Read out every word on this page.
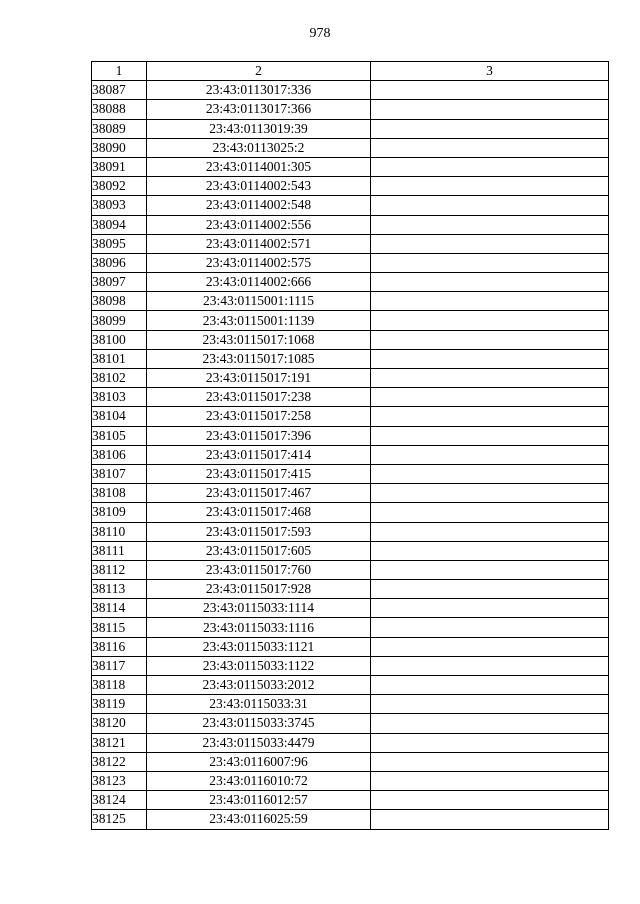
978
1	2	3
38087	23:43:0113017:336	
38088	23:43:0113017:366	
38089	23:43:0113019:39	
38090	23:43:0113025:2	
38091	23:43:0114001:305	
38092	23:43:0114002:543	
38093	23:43:0114002:548	
38094	23:43:0114002:556	
38095	23:43:0114002:571	
38096	23:43:0114002:575	
38097	23:43:0114002:666	
38098	23:43:0115001:1115	
38099	23:43:0115001:1139	
38100	23:43:0115017:1068	
38101	23:43:0115017:1085	
38102	23:43:0115017:191	
38103	23:43:0115017:238	
38104	23:43:0115017:258	
38105	23:43:0115017:396	
38106	23:43:0115017:414	
38107	23:43:0115017:415	
38108	23:43:0115017:467	
38109	23:43:0115017:468	
38110	23:43:0115017:593	
38111	23:43:0115017:605	
38112	23:43:0115017:760	
38113	23:43:0115017:928	
38114	23:43:0115033:1114	
38115	23:43:0115033:1116	
38116	23:43:0115033:1121	
38117	23:43:0115033:1122	
38118	23:43:0115033:2012	
38119	23:43:0115033:31	
38120	23:43:0115033:3745	
38121	23:43:0115033:4479	
38122	23:43:0116007:96	
38123	23:43:0116010:72	
38124	23:43:0116012:57	
38125	23:43:0116025:59	
